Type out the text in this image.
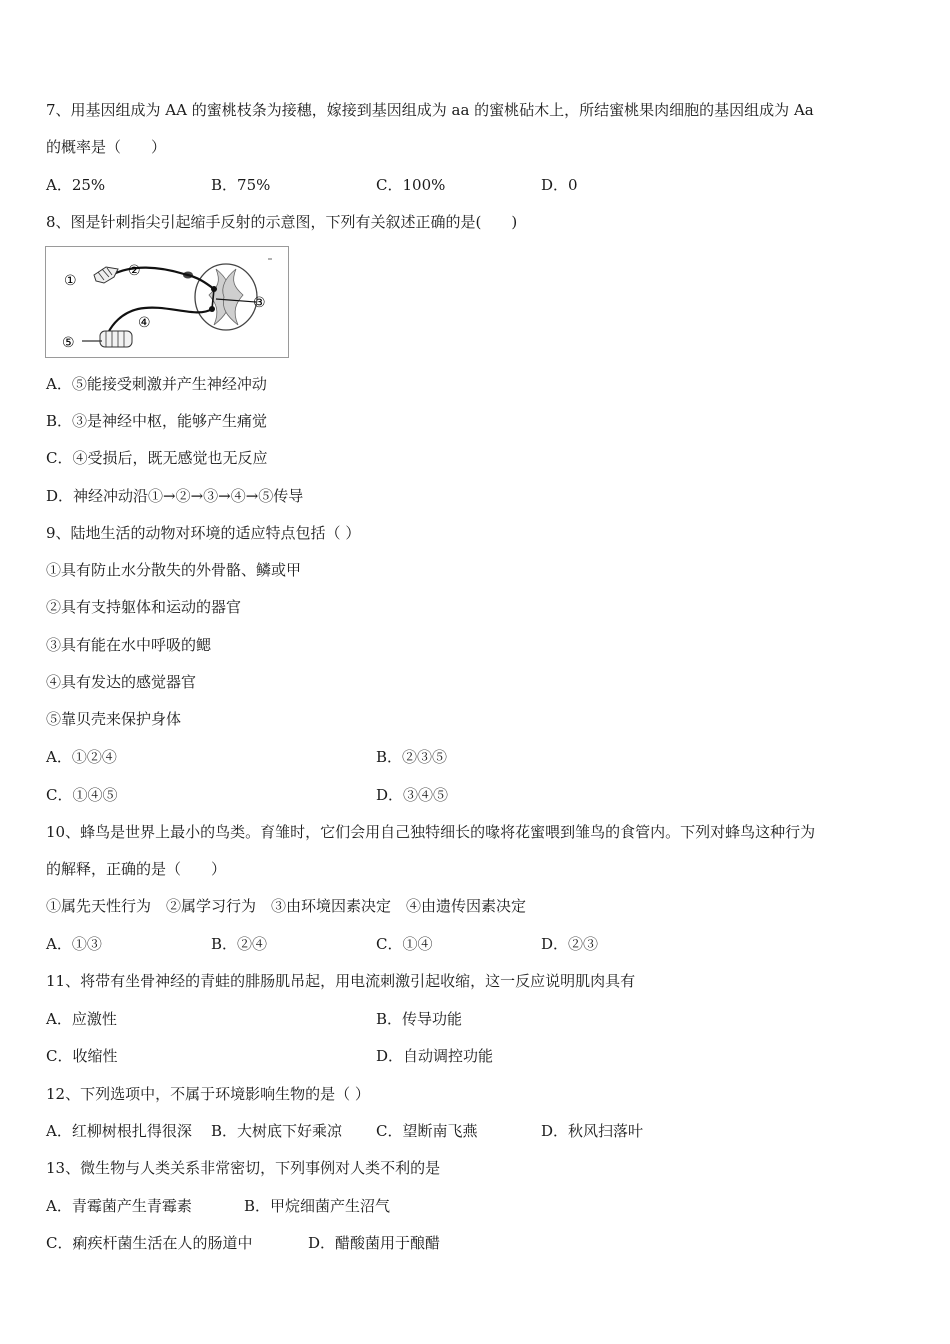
7、用基因组成为 AA 的蜜桃枝条为接穗，嫁接到基因组成为 aa 的蜜桃砧木上，所结蜜桃果肉细胞的基因组成为 Aa
的概率是（　　）
A．25%	B．75%	C．100%	D．0
8、图是针刺指尖引起缩手反射的示意图，下列有关叙述正确的是(　　)
①
②
③
④
⑤
A．⑤能接受刺激并产生神经冲动
B．③是神经中枢，能够产生痛觉
C．④受损后，既无感觉也无反应
D．神经冲动沿①→②→③→④→⑤传导
9、陆地生活的动物对环境的适应特点包括（ ）
①具有防止水分散失的外骨骼、鳞或甲
②具有支持躯体和运动的器官
③具有能在水中呼吸的鳃
④具有发达的感觉器官
⑤靠贝壳来保护身体
A．①②④	B．②③⑤
C．①④⑤	D．③④⑤
10、蜂鸟是世界上最小的鸟类。育雏时，它们会用自己独特细长的喙将花蜜喂到雏鸟的食管内。下列对蜂鸟这种行为
的解释，正确的是（　　）
①属先天性行为　②属学习行为　③由环境因素决定　④由遗传因素决定
A．①③	B．②④	C．①④	D．②③
11、将带有坐骨神经的青蛙的腓肠肌吊起，用电流刺激引起收缩，这一反应说明肌肉具有
A．应激性	B．传导功能
C．收缩性	D．自动调控功能
12、下列选项中，不属于环境影响生物的是（ ）
A．红柳树根扎得很深 B．大树底下好乘凉 C．望断南飞燕	D．秋风扫落叶
13、微生物与人类关系非常密切，下列事例对人类不利的是
A．青霉菌产生青霉素	B．甲烷细菌产生沼气
C．痢疾杆菌生活在人的肠道中	D．醋酸菌用于酿醋
